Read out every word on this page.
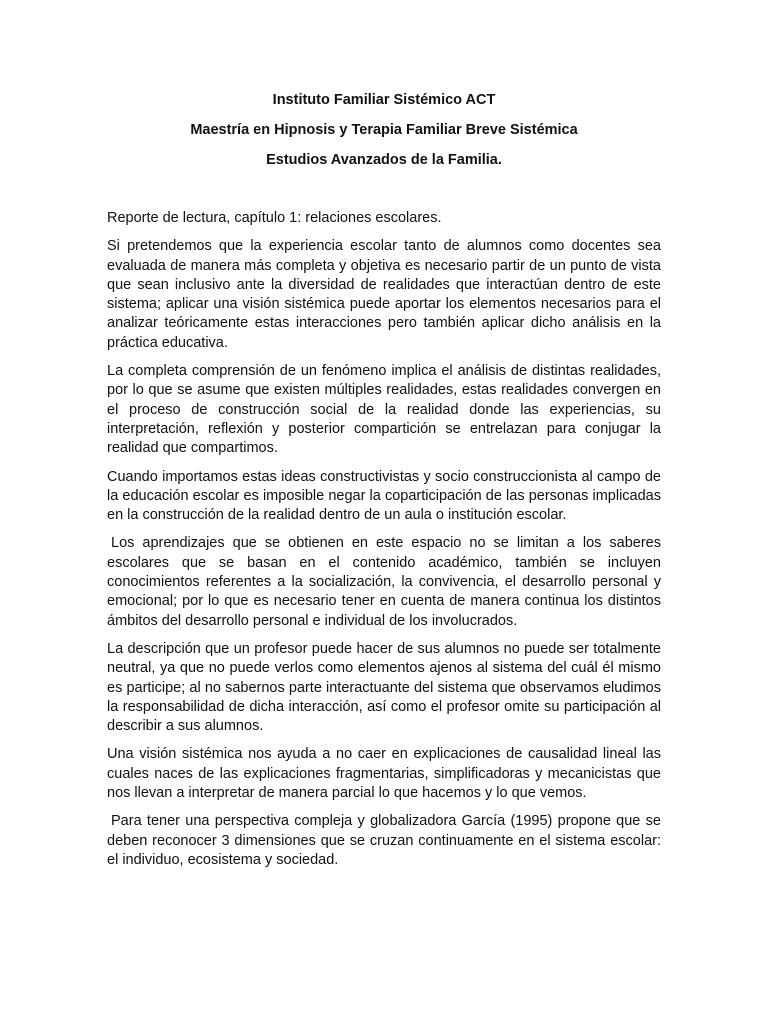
Instituto Familiar Sistémico ACT

Maestría en Hipnosis y Terapia Familiar Breve Sistémica

Estudios Avanzados de la Familia.

Reporte de lectura, capítulo 1: relaciones escolares.

Si pretendemos que la experiencia escolar tanto de alumnos como docentes sea evaluada de manera más completa y objetiva es necesario partir de un punto de vista que sean inclusivo ante la diversidad de realidades que interactúan dentro de este sistema; aplicar una visión sistémica puede aportar los elementos necesarios para el analizar teóricamente estas interacciones pero también aplicar dicho análisis en la práctica educativa.

La completa comprensión de un fenómeno implica el análisis de distintas realidades, por lo que se asume que existen múltiples realidades, estas realidades convergen en el proceso de construcción social de la realidad donde las experiencias, su interpretación, reflexión y posterior compartición se entrelazan para conjugar la realidad que compartimos.

Cuando importamos estas ideas constructivistas y socio construccionista al campo de la educación escolar es imposible negar la coparticipación de las personas implicadas en la construcción de la realidad dentro de un aula o institución escolar.

Los aprendizajes que se obtienen en este espacio no se limitan a los saberes escolares que se basan en el contenido académico, también se incluyen conocimientos referentes a la socialización, la convivencia, el desarrollo personal y emocional; por lo que es necesario tener en cuenta de manera continua los distintos ámbitos del desarrollo personal e individual de los involucrados.

La descripción que un profesor puede hacer de sus alumnos no puede ser totalmente neutral, ya que no puede verlos como elementos ajenos al sistema del cuál él mismo es participe; al no sabernos parte interactuante del sistema que observamos eludimos la responsabilidad de dicha interacción, así como el profesor omite su participación al describir a sus alumnos.

Una visión sistémica nos ayuda a no caer en explicaciones de causalidad lineal las cuales naces de las explicaciones fragmentarias, simplificadoras y mecanicistas que nos llevan a interpretar de manera parcial lo que hacemos y lo que vemos.

Para tener una perspectiva compleja y globalizadora García (1995) propone que se deben reconocer 3 dimensiones que se cruzan continuamente en el sistema escolar: el individuo, ecosistema y sociedad.
